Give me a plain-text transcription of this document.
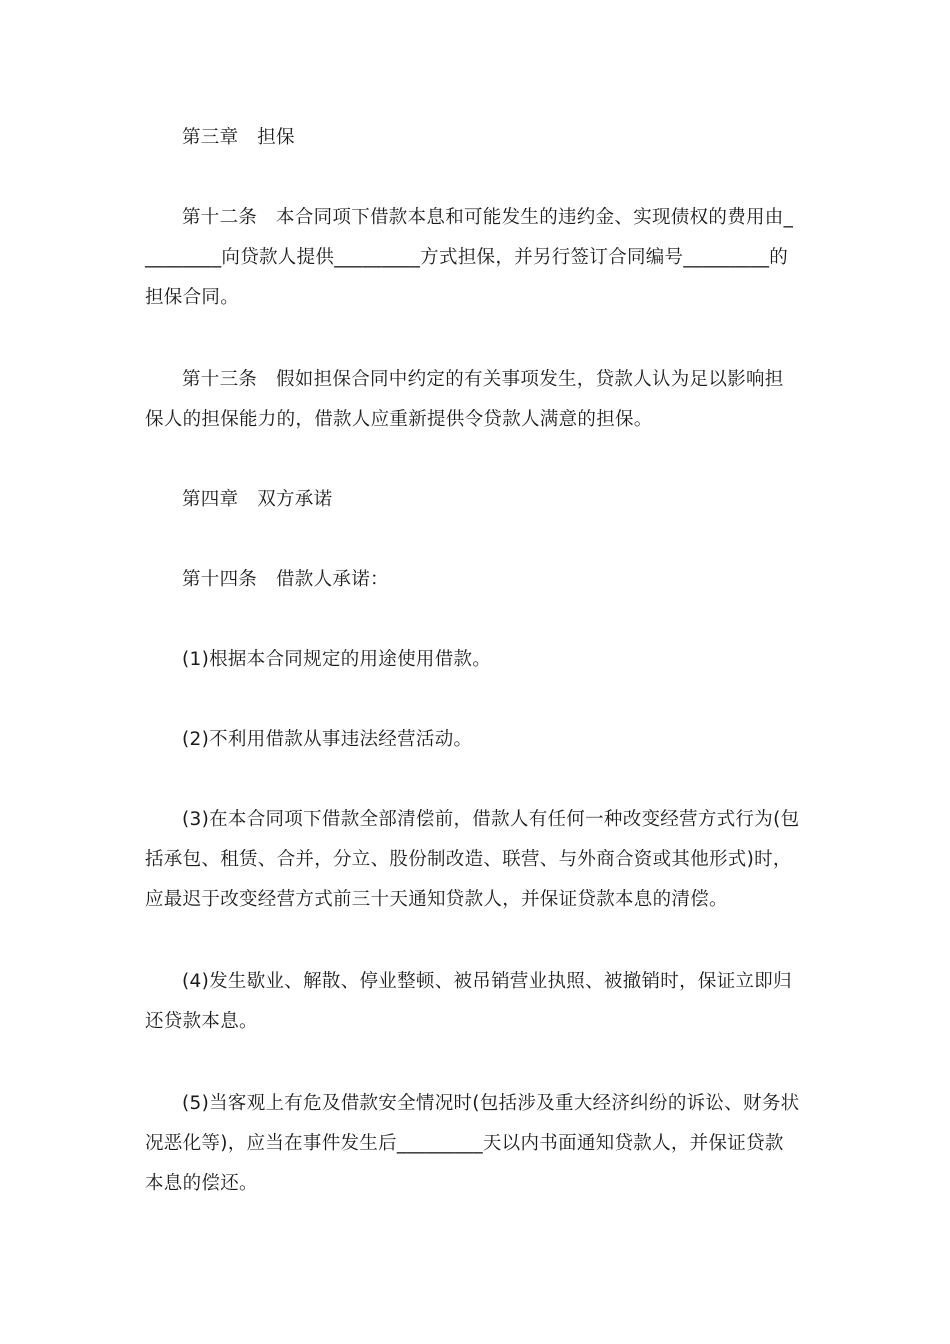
第三章　担保
第十二条　本合同项下借款本息和可能发生的违约金、实现债权的费用由_
________向贷款人提供_________方式担保，并另行签订合同编号_________的
担保合同。
第十三条　假如担保合同中约定的有关事项发生，贷款人认为足以影响担
保人的担保能力的，借款人应重新提供令贷款人满意的担保。
第四章　双方承诺
第十四条　借款人承诺：
(1)根据本合同规定的用途使用借款。
(2)不利用借款从事违法经营活动。
(3)在本合同项下借款全部清偿前，借款人有任何一种改变经营方式行为(包
括承包、租赁、合并，分立、股份制改造、联营、与外商合资或其他形式)时，
应最迟于改变经营方式前三十天通知贷款人，并保证贷款本息的清偿。
(4)发生歇业、解散、停业整顿、被吊销营业执照、被撤销时，保证立即归
还贷款本息。
(5)当客观上有危及借款安全情况时(包括涉及重大经济纠纷的诉讼、财务状
况恶化等)，应当在事件发生后_________天以内书面通知贷款人，并保证贷款
本息的偿还。
